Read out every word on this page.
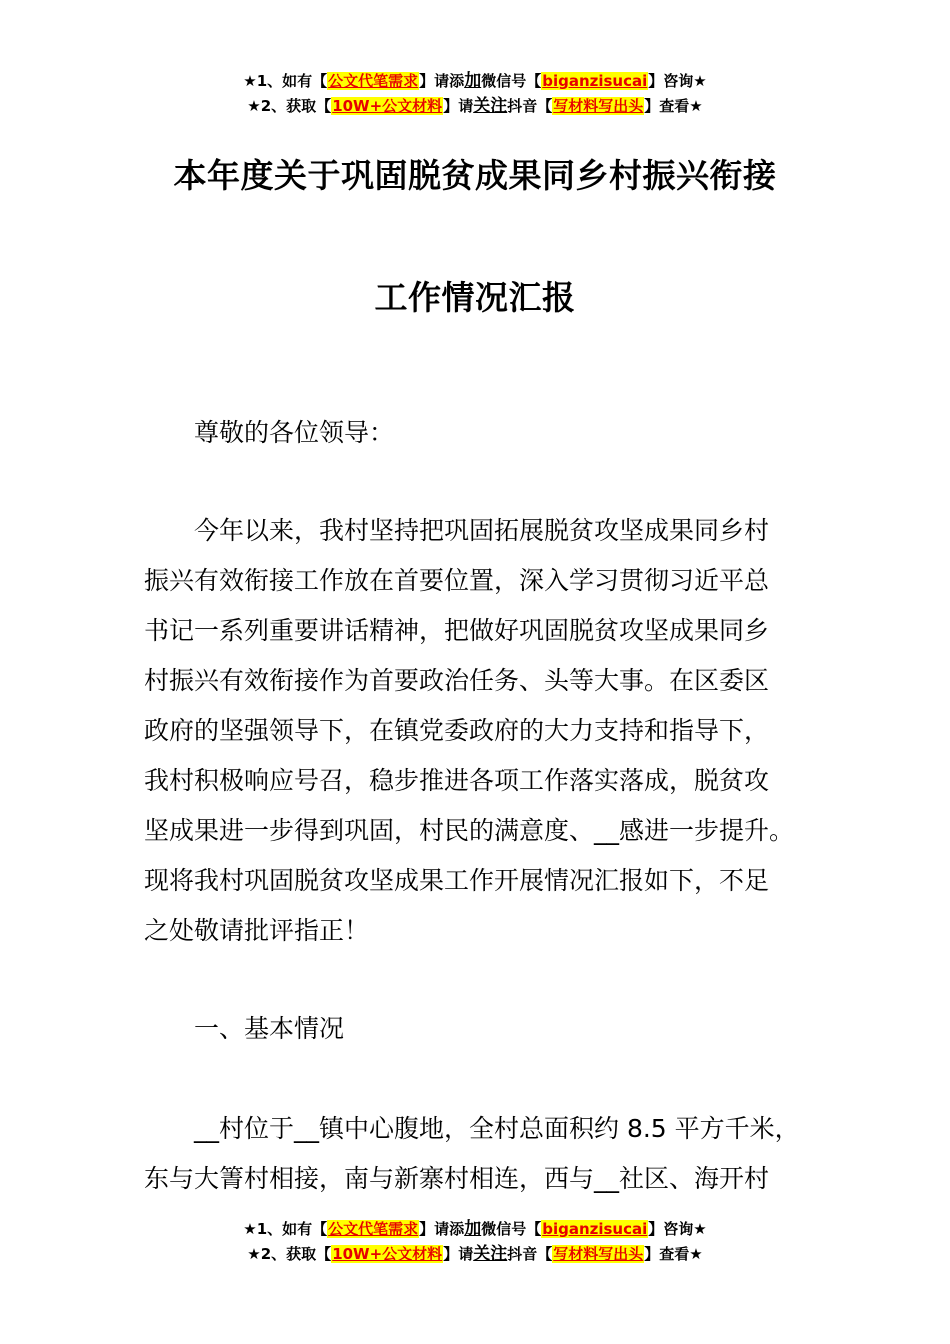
★1、如有【公文代笔需求】请添加微信号【biganzisucai】咨询★
★2、获取【10W+公文材料】请关注抖音【写材料写出头】查看★
本年度关于巩固脱贫成果同乡村振兴衔接
工作情况汇报
尊敬的各位领导：
今年以来，我村坚持把巩固拓展脱贫攻坚成果同乡村
振兴有效衔接工作放在首要位置，深入学习贯彻习近平总
书记一系列重要讲话精神，把做好巩固脱贫攻坚成果同乡
村振兴有效衔接作为首要政治任务、头等大事。在区委区
政府的坚强领导下，在镇党委政府的大力支持和指导下，
我村积极响应号召，稳步推进各项工作落实落成，脱贫攻
坚成果进一步得到巩固，村民的满意度、__感进一步提升。
现将我村巩固脱贫攻坚成果工作开展情况汇报如下，不足
之处敬请批评指正！
一、基本情况
__村位于__镇中心腹地，全村总面积约 8.5 平方千米，
东与大箐村相接，南与新寨村相连，西与__社区、海开村
★1、如有【公文代笔需求】请添加微信号【biganzisucai】咨询★
★2、获取【10W+公文材料】请关注抖音【写材料写出头】查看★
